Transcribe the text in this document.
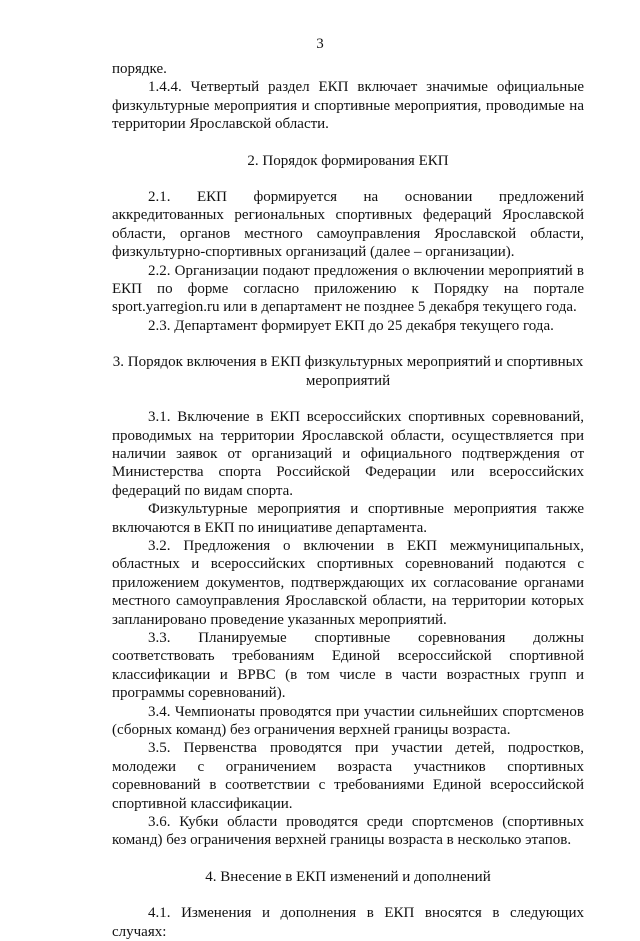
3

порядке.

1.4.4. Четвертый раздел ЕКП включает значимые официальные физкультурные мероприятия и спортивные мероприятия, проводимые на территории Ярославской области.

2. Порядок формирования ЕКП

2.1. ЕКП формируется на основании предложений аккредитованных региональных спортивных федераций Ярославской области, органов местного самоуправления Ярославской области, физкультурно-спортивных организаций (далее – организации).

2.2. Организации подают предложения о включении мероприятий в ЕКП по форме согласно приложению к Порядку на портале sport.yarregion.ru или в департамент не позднее 5 декабря текущего года.

2.3. Департамент формирует ЕКП до 25 декабря текущего года.

3. Порядок включения в ЕКП физкультурных мероприятий и спортивных мероприятий

3.1. Включение в ЕКП всероссийских спортивных соревнований, проводимых на территории Ярославской области, осуществляется при наличии заявок от организаций и официального подтверждения от Министерства спорта Российской Федерации или всероссийских федераций по видам спорта.

Физкультурные мероприятия и спортивные мероприятия также включаются в ЕКП по инициативе департамента.

3.2. Предложения о включении в ЕКП межмуниципальных, областных и всероссийских спортивных соревнований подаются с приложением документов, подтверждающих их согласование органами местного самоуправления Ярославской области, на территории которых запланировано проведение указанных мероприятий.

3.3. Планируемые спортивные соревнования должны соответствовать требованиям Единой всероссийской спортивной классификации и ВРВС (в том числе в части возрастных групп и программы соревнований).

3.4. Чемпионаты проводятся при участии сильнейших спортсменов (сборных команд) без ограничения верхней границы возраста.

3.5. Первенства проводятся при участии детей, подростков, молодежи с ограничением возраста участников спортивных соревнований в соответствии с требованиями Единой всероссийской спортивной классификации.

3.6. Кубки области проводятся среди спортсменов (спортивных команд) без ограничения верхней границы возраста в несколько этапов.

4. Внесение в ЕКП изменений и дополнений

4.1. Изменения и дополнения в ЕКП вносятся в следующих случаях:
